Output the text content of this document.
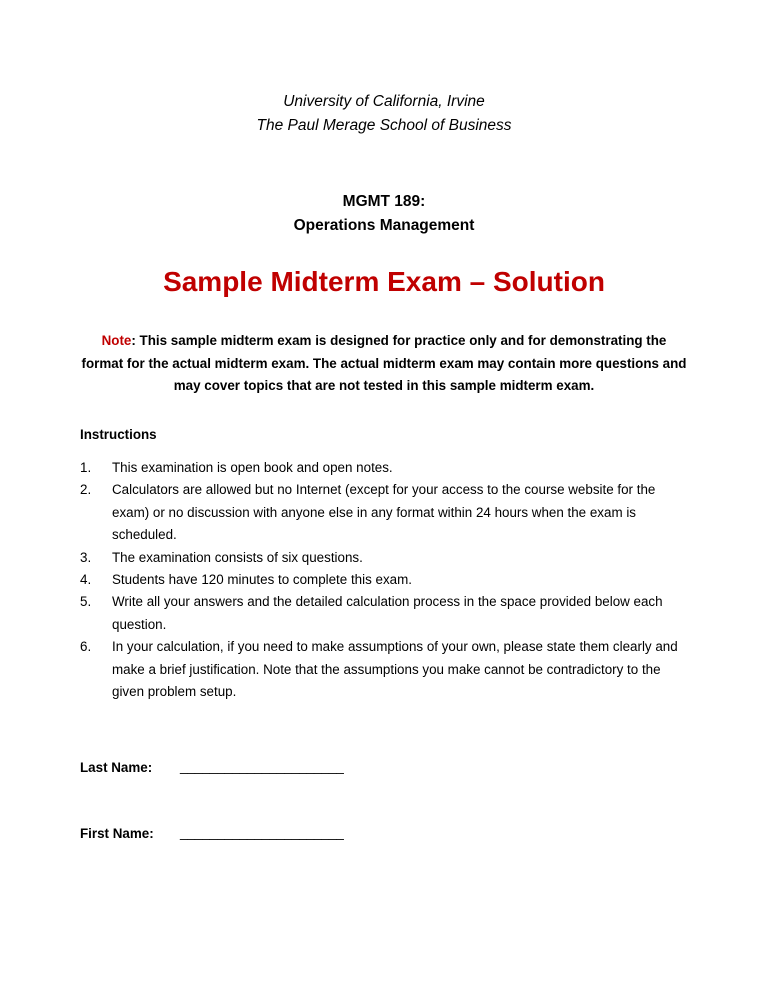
University of California, Irvine
The Paul Merage School of Business
MGMT 189:
Operations Management
Sample Midterm Exam – Solution
Note: This sample midterm exam is designed for practice only and for demonstrating the format for the actual midterm exam. The actual midterm exam may contain more questions and may cover topics that are not tested in this sample midterm exam.
Instructions
1. This examination is open book and open notes.
2. Calculators are allowed but no Internet (except for your access to the course website for the exam) or no discussion with anyone else in any format within 24 hours when the exam is scheduled.
3. The examination consists of six questions.
4. Students have 120 minutes to complete this exam.
5. Write all your answers and the detailed calculation process in the space provided below each question.
6. In your calculation, if you need to make assumptions of your own, please state them clearly and make a brief justification. Note that the assumptions you make cannot be contradictory to the given problem setup.
Last Name: ______________________
First Name: ______________________
